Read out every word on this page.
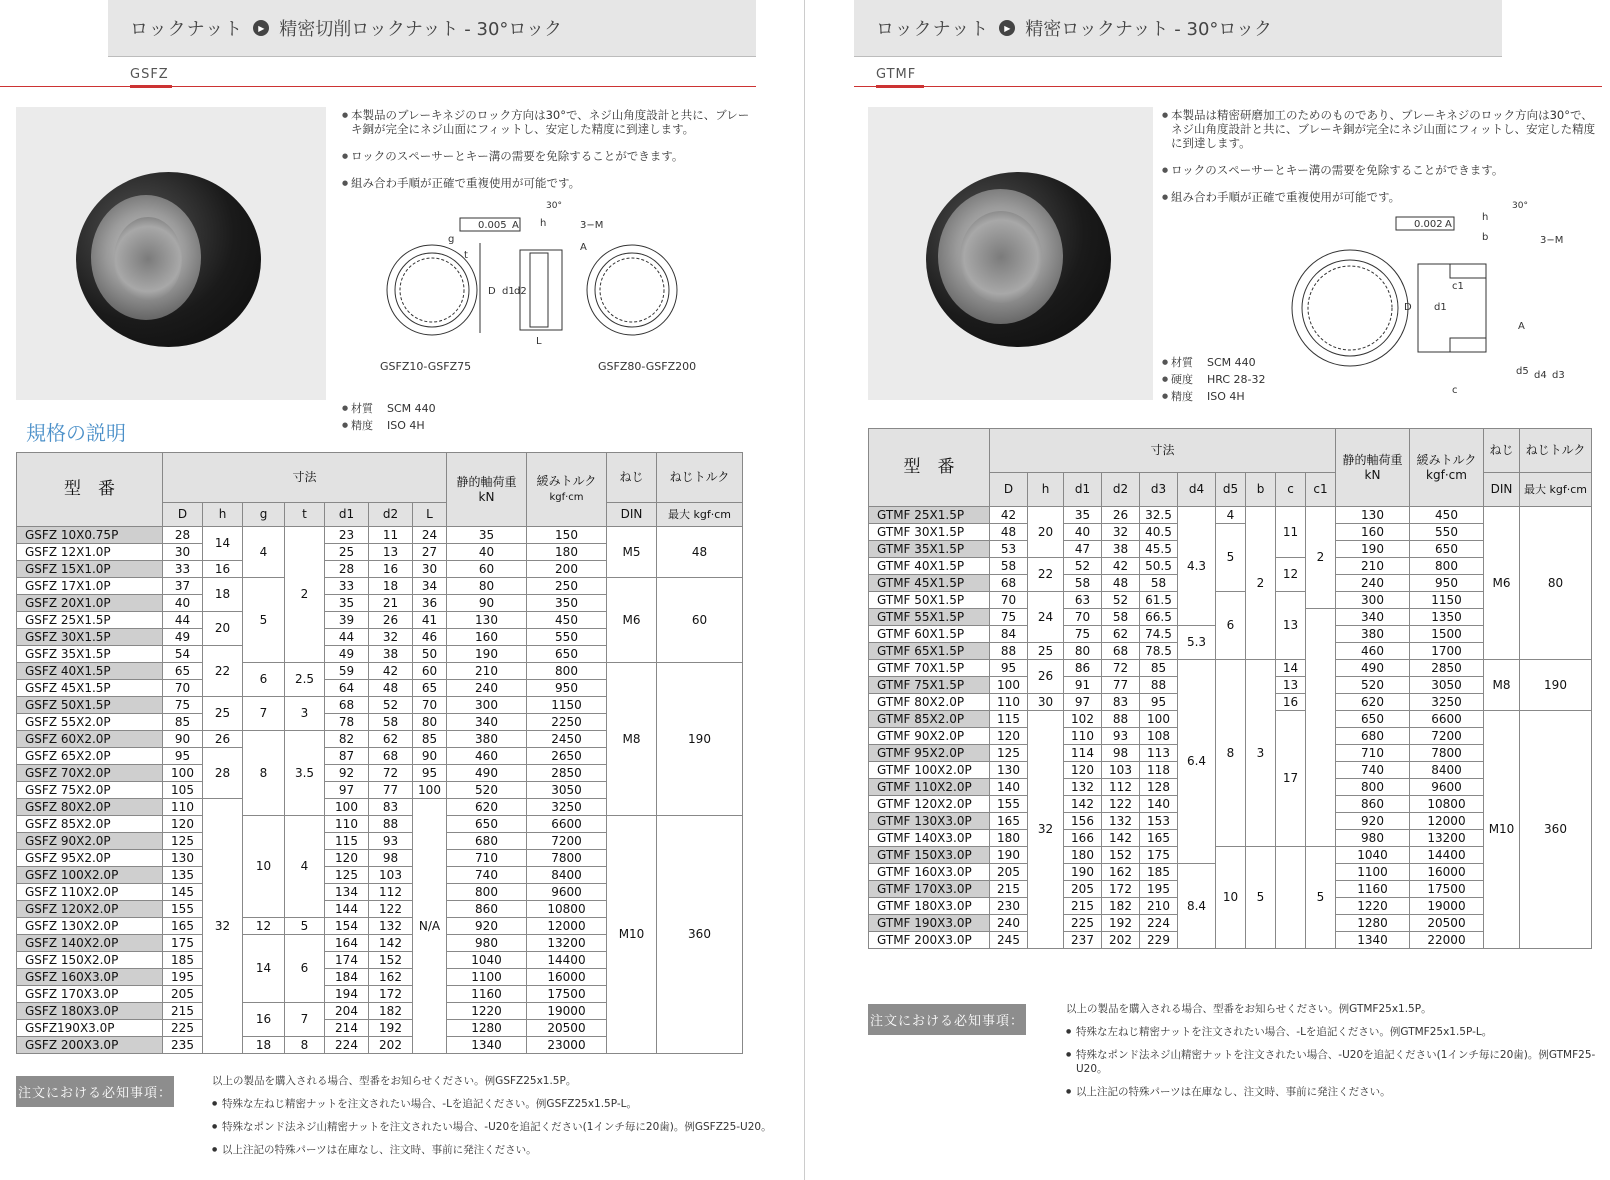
ロックナット	▶ 精密切削ロックナット - 30°ロック
GSFZ

● 本製品のブレーキネジのロック方向は30°で、ネジ山角度設計と共に、ブレーキ銅が完全にネジ山面にフィットし、安定した精度に到達します。

● ロックのスペーサーとキー溝の需要を免除することができます。

● 組み合わ手順が正確で重複使用が可能です。

0.005 A
30°
3−M
h
A
D d1 d2
L
g
t
GSFZ10-GSFZ75	GSFZ80-GSFZ200
● 材質 SCM 440
● 精度 ISO 4H
規格の説明
型　番	寸法							静的軸荷重
kN	緩みトルク
kgf·cm	ねじ	ねじトルク
	D	h	g	t	d1	d2	L			DIN	最大 kgf·cm
GSFZ 10X0.75P	28	14	4	2	23	11	24	35	150	M5	48
GSFZ 12X1.0P	30				25	13	27	40	180		
GSFZ 15X1.0P	33	16			28	16	30	60	200		
GSFZ 17X1.0P	37	18	5		33	18	34	80	250	M6	60
GSFZ 20X1.0P	40				35	21	36	90	350		
GSFZ 25X1.5P	44	20			39	26	41	130	450		
GSFZ 30X1.5P	49				44	32	46	160	550		
GSFZ 35X1.5P	54	22			49	38	50	190	650		
GSFZ 40X1.5P	65		6	2.5	59	42	60	210	800	M8	190
GSFZ 45X1.5P	70				64	48	65	240	950		
GSFZ 50X1.5P	75	25	7	3	68	52	70	300	1150		
GSFZ 55X2.0P	85				78	58	80	340	2250		
GSFZ 60X2.0P	90	26	8	3.5	82	62	85	380	2450		
GSFZ 65X2.0P	95	28			87	68	90	460	2650		
GSFZ 70X2.0P	100				92	72	95	490	2850		
GSFZ 75X2.0P	105				97	77	100	520	3050		
GSFZ 80X2.0P	110	32			100	83	N/A	620	3250		
GSFZ 85X2.0P	120		10	4	110	88		650	6600	M10	360
GSFZ 90X2.0P	125				115	93		680	7200		
GSFZ 95X2.0P	130				120	98		710	7800		
GSFZ 100X2.0P	135				125	103		740	8400		
GSFZ 110X2.0P	145				134	112		800	9600		
GSFZ 120X2.0P	155				144	122		860	10800		
GSFZ 130X2.0P	165		12	5	154	132		920	12000		
GSFZ 140X2.0P	175		14	6	164	142		980	13200		
GSFZ 150X2.0P	185				174	152		1040	14400		
GSFZ 160X3.0P	195				184	162		1100	16000		
GSFZ 170X3.0P	205				194	172		1160	17500		
GSFZ 180X3.0P	215		16	7	204	182		1220	19000		
GSFZ190X3.0P	225				214	192		1280	20500		
GSFZ 200X3.0P	235		18	8	224	202		1340	23000		
注文における必知事項：

以上の製品を購入される場合、型番をお知らせください。例GSFZ25x1.5P。

● 特殊な左ねじ精密ナットを注文されたい場合、-Lを追記ください。例GSFZ25x1.5P-L。

● 特殊なポンド法ネジ山精密ナットを注文されたい場合、-U20を追記ください(1インチ毎に20歯)。例GSFZ25-U20。

● 以上注記の特殊パーツは在庫なし、注文時、事前に発注ください。

ロックナット	▶ 精密ロックナット - 30°ロック
GTMF

● 本製品は精密研磨加工のためのものであり、ブレーキネジのロック方向は30°で、ネジ山角度設計と共に、ブレーキ銅が完全にネジ山面にフィットし、安定した精度に到達します。

● ロックのスペーサーとキー溝の需要を免除することができます。

● 組み合わ手順が正確で重複使用が可能です。

0.002 A
30°
3−M
h
b
c1
c
A
d5 d4 d3
d1
D
● 材質 SCM 440
● 硬度 HRC 28-32
● 精度 ISO 4H
型　番	寸法										静的軸荷重
kN	緩みトルク
kgf·cm	ねじ	ねじトルク
	D	h	d1	d2	d3	d4	d5	b	c	c1			DIN	最大 kgf·cm
GTMF 25X1.5P	42	20	35	26	32.5	4.3	4	2	11	2	130	450	M6	80
GTMF 30X1.5P	48		40	32	40.5		5				160	550		
GTMF 35X1.5P	53		47	38	45.5						190	650		
GTMF 40X1.5P	58	22	52	42	50.5				12		210	800		
GTMF 45X1.5P	68		58	48	58						240	950		
GTMF 50X1.5P	70	24	63	52	61.5		6		13		300	1150		
GTMF 55X1.5P	75		70	58	66.5						340	1350		
GTMF 60X1.5P	84		75	62	74.5	5.3					380	1500		
GTMF 65X1.5P	88	25	80	68	78.5						460	1700		
GTMF 70X1.5P	95	26	86	72	85	6.4	8	3	14		490	2850	M8	190
GTMF 75X1.5P	100		91	77	88				13		520	3050		
GTMF 80X2.0P	110	30	97	83	95				16		620	3250		
GTMF 85X2.0P	115	32	102	88	100				17		650	6600	M10	360
GTMF 90X2.0P	120		110	93	108						680	7200		
GTMF 95X2.0P	125		114	98	113						710	7800		
GTMF 100X2.0P	130		120	103	118						740	8400		
GTMF 110X2.0P	140		132	112	128						800	9600		
GTMF 120X2.0P	155		142	122	140						860	10800		
GTMF 130X3.0P	165		156	132	153						920	12000		
GTMF 140X3.0P	180		166	142	165						980	13200		
GTMF 150X3.0P	190		180	152	175		10	5		5	1040	14400		
GTMF 160X3.0P	205		190	162	185	8.4					1100	16000		
GTMF 170X3.0P	215		205	172	195						1160	17500		
GTMF 180X3.0P	230		215	182	210						1220	19000		
GTMF 190X3.0P	240		225	192	224						1280	20500		
GTMF 200X3.0P	245		237	202	229						1340	22000		
注文における必知事項：

以上の製品を購入される場合、型番をお知らせください。例GTMF25x1.5P。

● 特殊な左ねじ精密ナットを注文されたい場合、-Lを追記ください。例GTMF25x1.5P-L。

● 特殊なポンド法ネジ山精密ナットを注文されたい場合、-U20を追記ください(1インチ毎に20歯)。例GTMF25-U20。

● 以上注記の特殊パーツは在庫なし、注文時、事前に発注ください。
